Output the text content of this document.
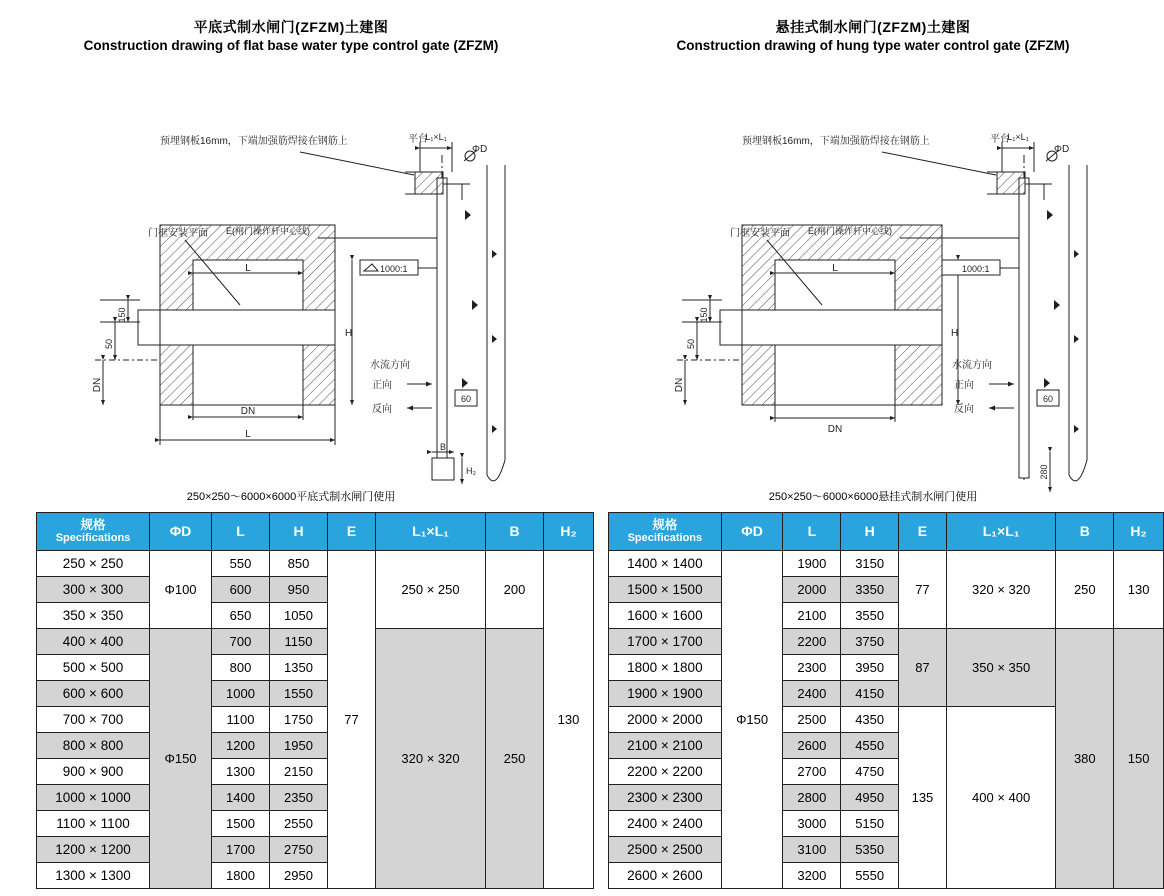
平底式制水闸门(ZFZM)土建图
Construction drawing of flat base water type control gate (ZFZM)
悬挂式制水闸门(ZFZM)土建图
Construction drawing of hung type water control gate (ZFZM)
预埋钢板16mm，下端加强筋焊接在钢筋上	平台
ΦD
L₁×L₁
门框安装平面 E(闸门操作杆中心线)
1000:1
水流方向
正向
反向
60
B
H₂
L
DN
L
H
150
50
DN
250×250～6000×6000平底式制水闸门使用
预埋钢板16mm，下端加强筋焊接在钢筋上	平台
ΦD
L₁×L₁
门框安装平面 E(闸门操作杆中心线)
1000:1
水流方向
正向
反向
60
L
DN
H
150
50
DN
280
250×250～6000×6000悬挂式制水闸门使用
规格
Specifications	ΦD	L	H	E	L₁×L₁	B	H₂
250 × 250	Φ100	550	850	77	250 × 250	200	130
300 × 300		600	950				
350 × 350		650	1050				
400 × 400	Φ150	700	1150		320 × 320	250	
500 × 500		800	1350				
600 × 600		1000	1550				
700 × 700		1100	1750				
800 × 800		1200	1950				
900 × 900		1300	2150				
1000 × 1000		1400	2350				
1100 × 1100		1500	2550				
1200 × 1200		1700	2750				
1300 × 1300		1800	2950				
规格
Specifications	ΦD	L	H	E	L₁×L₁	B	H₂
1400 × 1400	Φ150	1900	3150	77	320 × 320	250	130
1500 × 1500		2000	3350				
1600 × 1600		2100	3550				
1700 × 1700		2200	3750	87	350 × 350	380	150
1800 × 1800		2300	3950				
1900 × 1900		2400	4150				
2000 × 2000		2500	4350	135	400 × 400		
2100 × 2100		2600	4550				
2200 × 2200		2700	4750				
2300 × 2300		2800	4950				
2400 × 2400		3000	5150				
2500 × 2500		3100	5350				
2600 × 2600		3200	5550				
